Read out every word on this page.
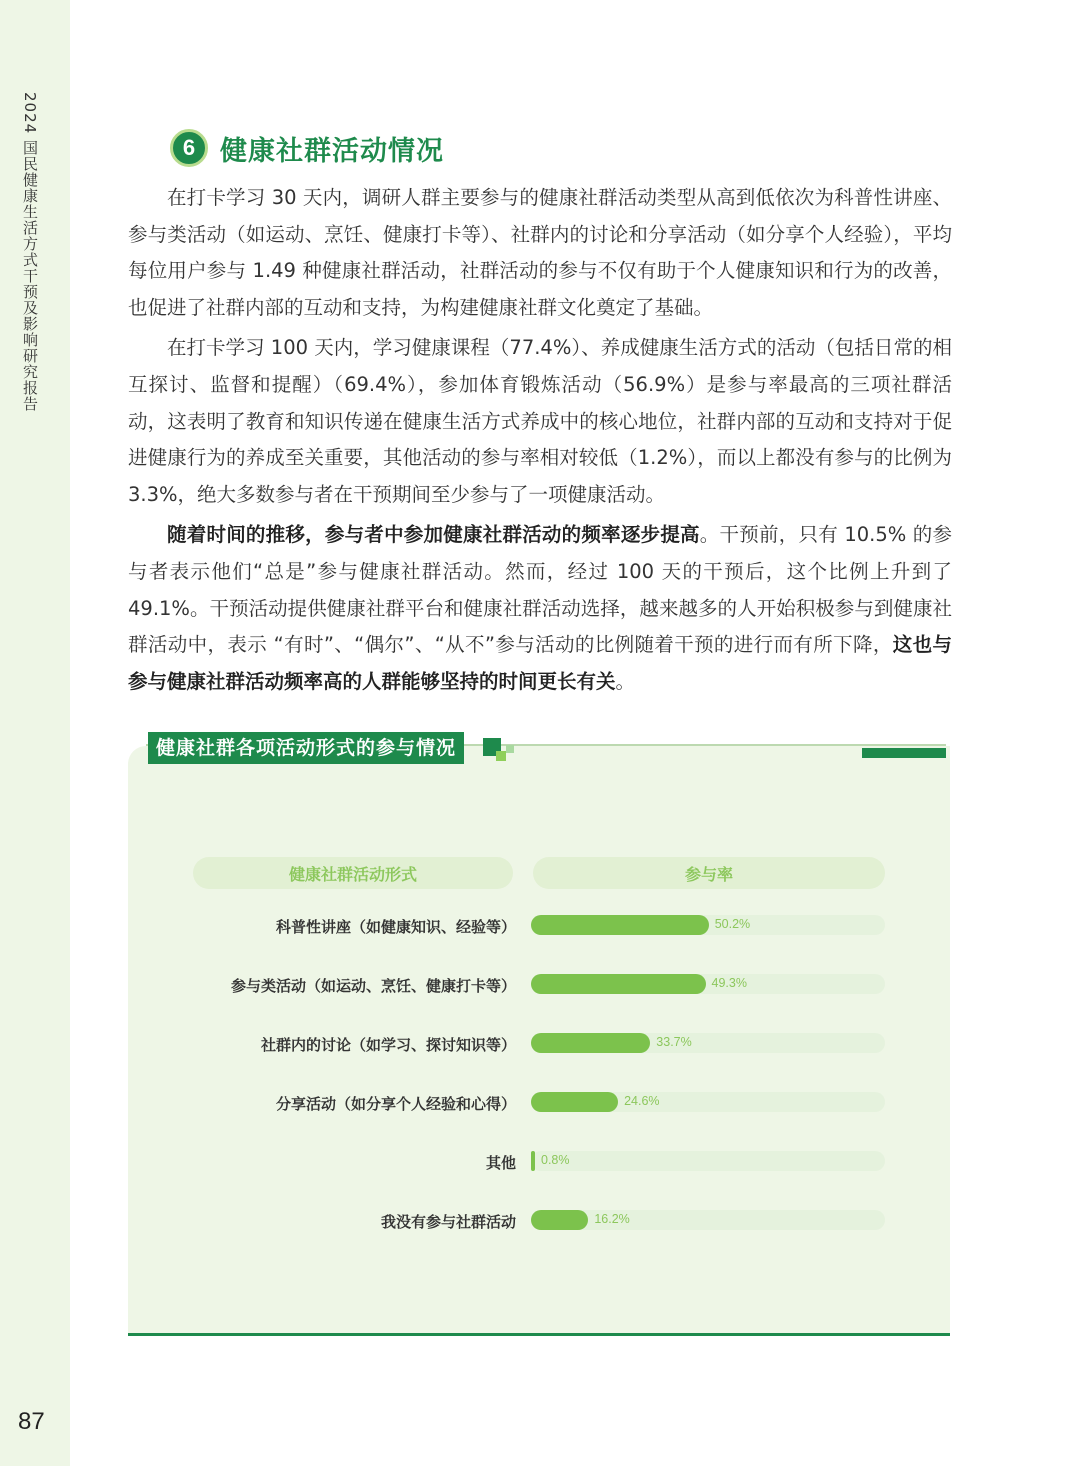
2024 国民健康生活方式干预及影响研究报告
87
6 健康社群活动情况

在打卡学习 30 天内，调研人群主要参与的健康社群活动类型从高到低依次为科普性讲座、参与类活动（如运动、烹饪、健康打卡等）、社群内的讨论和分享活动（如分享个人经验），平均每位用户参与 1.49 种健康社群活动，社群活动的参与不仅有助于个人健康知识和行为的改善，也促进了社群内部的互动和支持，为构建健康社群文化奠定了基础。

在打卡学习 100 天内，学习健康课程（77.4%）、养成健康生活方式的活动（包括日常的相互探讨、监督和提醒）（69.4%），参加体育锻炼活动（56.9%）是参与率最高的三项社群活动，这表明了教育和知识传递在健康生活方式养成中的核心地位，社群内部的互动和支持对于促进健康行为的养成至关重要，其他活动的参与率相对较低（1.2%），而以上都没有参与的比例为 3.3%，绝大多数参与者在干预期间至少参与了一项健康活动。

随着时间的推移，参与者中参加健康社群活动的频率逐步提高。干预前，只有 10.5% 的参与者表示他们“总是”参与健康社群活动。然而，经过 100 天的干预后，这个比例上升到了 49.1%。干预活动提供健康社群平台和健康社群活动选择，越来越多的人开始积极参与到健康社群活动中，表示 “有时”、“偶尔”、“从不”参与活动的比例随着干预的进行而有所下降，这也与参与健康社群活动频率高的人群能够坚持的时间更长有关。

健康社群各项活动形式的参与情况
健康社群活动形式	参与率
科普性讲座（如健康知识、经验等）	50.2%
参与类活动（如运动、烹饪、健康打卡等）	49.3%
社群内的讨论（如学习、探讨知识等）	33.7%
分享活动（如分享个人经验和心得）	24.6%
其他 0.8%
我没有参与社群活动	16.2%
